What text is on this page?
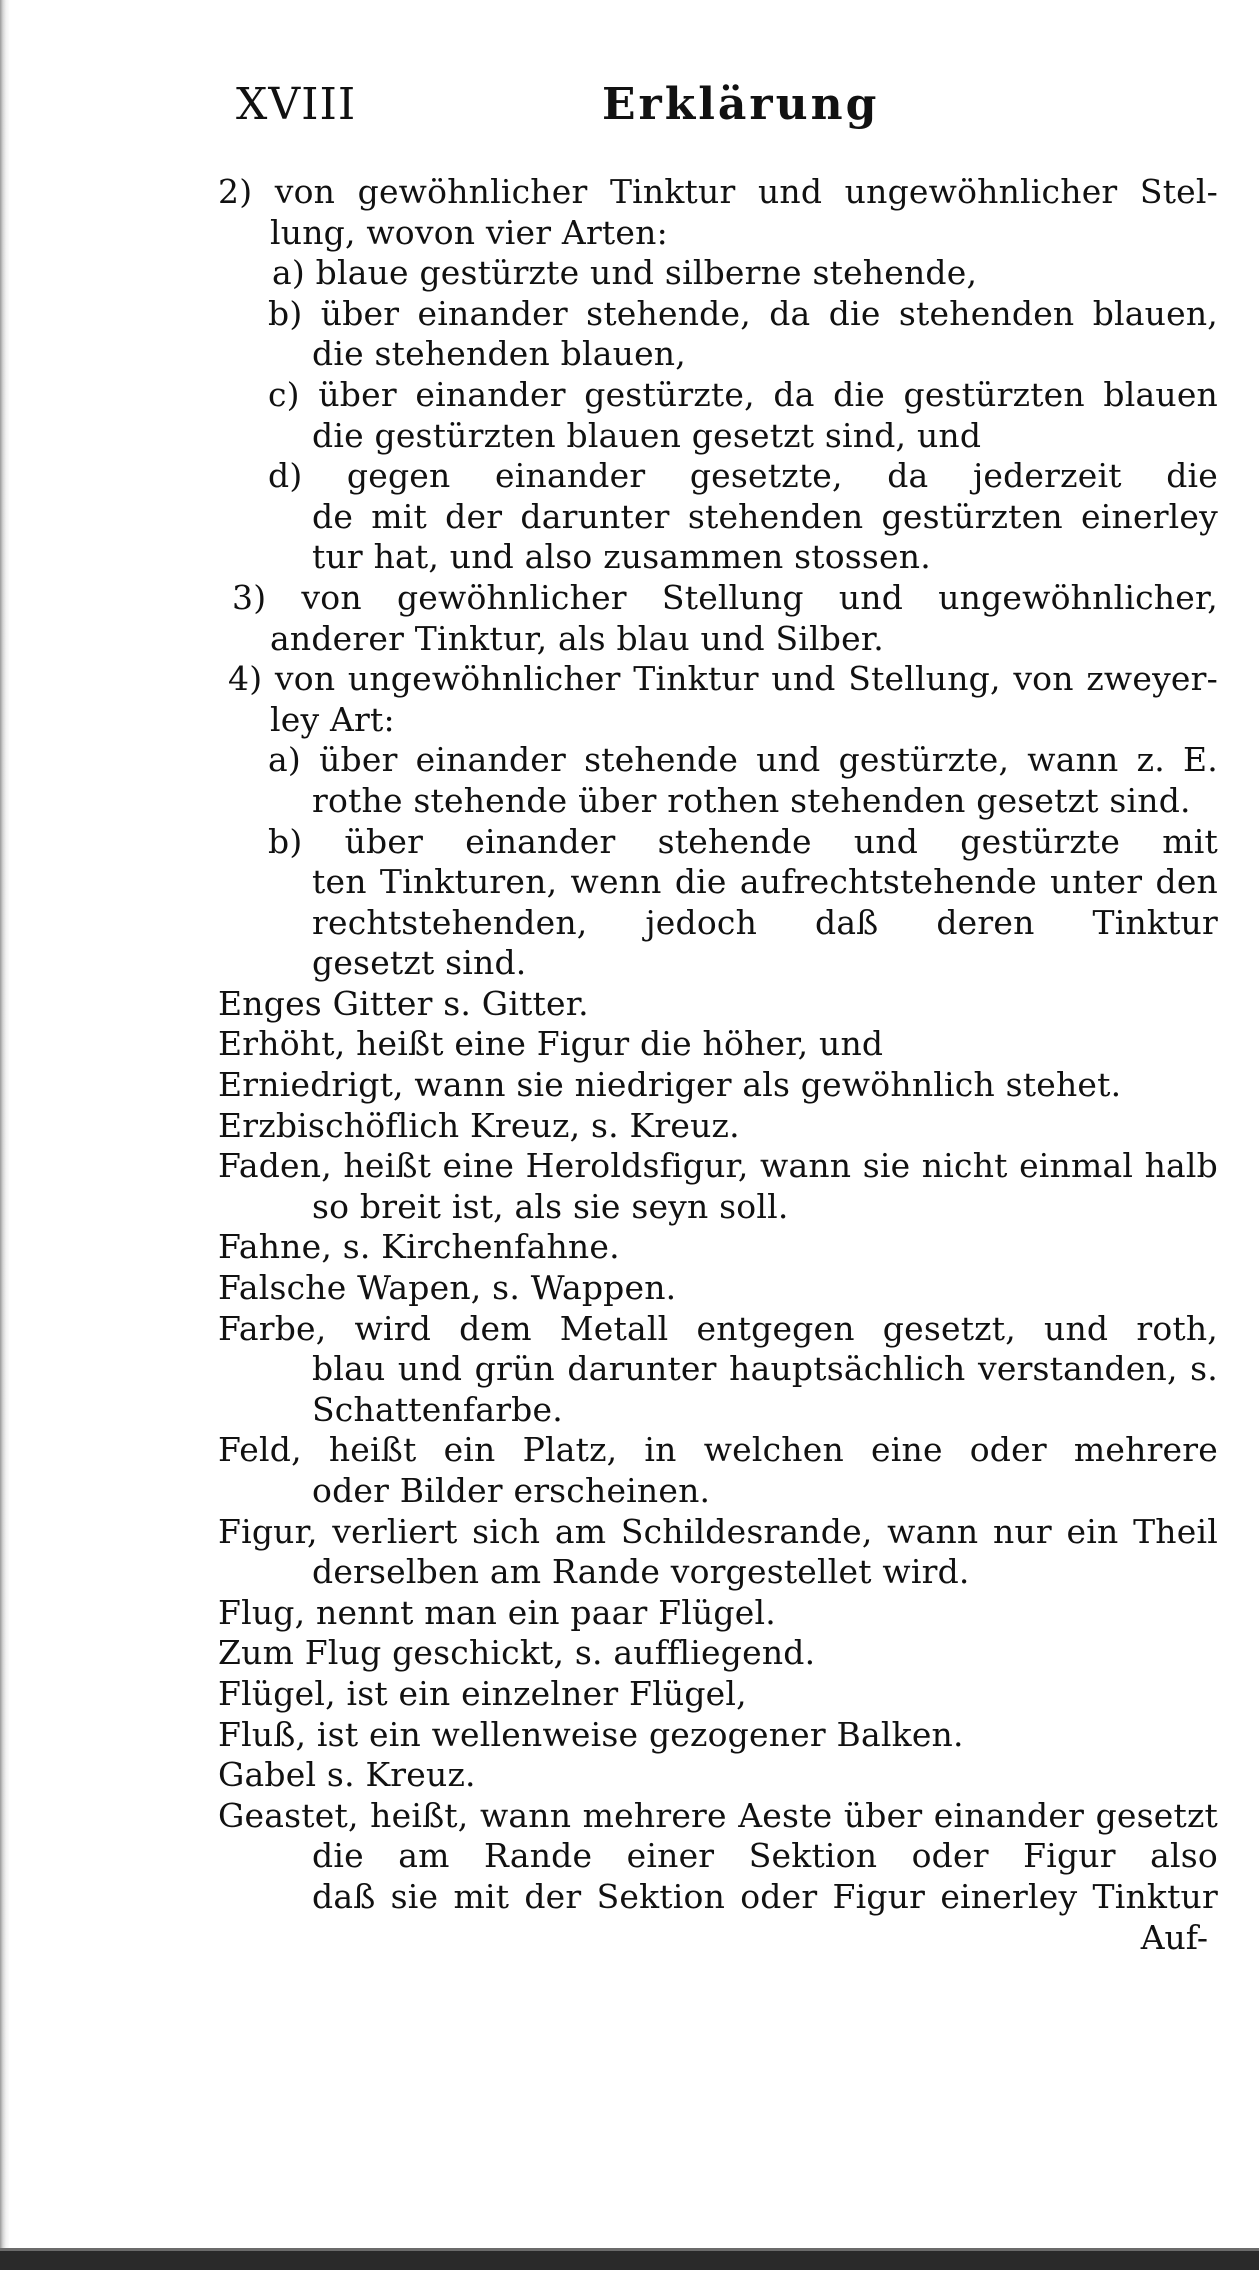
XVIII	Erklärung
2) von gewöhnlicher Tinktur und ungewöhnlicher Stel-
lung, wovon vier Arten:
a) blaue gestürzte und silberne stehende,
b) über einander stehende, da die stehenden blauen,
die stehenden blauen,
c) über einander gestürzte, da die gestürzten blauen
die gestürzten blauen gesetzt sind, und
d) gegen einander gesetzte, da jederzeit die
de mit der darunter stehenden gestürzten einerley
tur hat, und also zusammen stossen.
3) von gewöhnlicher Stellung und ungewöhnlicher,
anderer Tinktur, als blau und Silber.
4) von ungewöhnlicher Tinktur und Stellung, von zweyer-
ley Art:
a) über einander stehende und gestürzte, wann z. E.
rothe stehende über rothen stehenden gesetzt sind.
b) über einander stehende und gestürzte mit
ten Tinkturen, wenn die aufrechtstehende unter den
rechtstehenden, jedoch daß deren Tinktur
gesetzt sind.
Enges Gitter s. Gitter.
Erhöht, heißt eine Figur die höher, und
Erniedrigt, wann sie niedriger als gewöhnlich stehet.
Erzbischöflich Kreuz, s. Kreuz.
Faden, heißt eine Heroldsfigur, wann sie nicht einmal halb
so breit ist, als sie seyn soll.
Fahne, s. Kirchenfahne.
Falsche Wapen, s. Wappen.
Farbe, wird dem Metall entgegen gesetzt, und roth,
blau und grün darunter hauptsächlich verstanden, s.
Schattenfarbe.
Feld, heißt ein Platz, in welchen eine oder mehrere
oder Bilder erscheinen.
Figur, verliert sich am Schildesrande, wann nur ein Theil
derselben am Rande vorgestellet wird.
Flug, nennt man ein paar Flügel.
Zum Flug geschickt, s. auffliegend.
Flügel, ist ein einzelner Flügel,
Fluß, ist ein wellenweise gezogener Balken.
Gabel s. Kreuz.
Geastet, heißt, wann mehrere Aeste über einander gesetzt
die am Rande einer Sektion oder Figur also
daß sie mit der Sektion oder Figur einerley Tinktur
Auf-
